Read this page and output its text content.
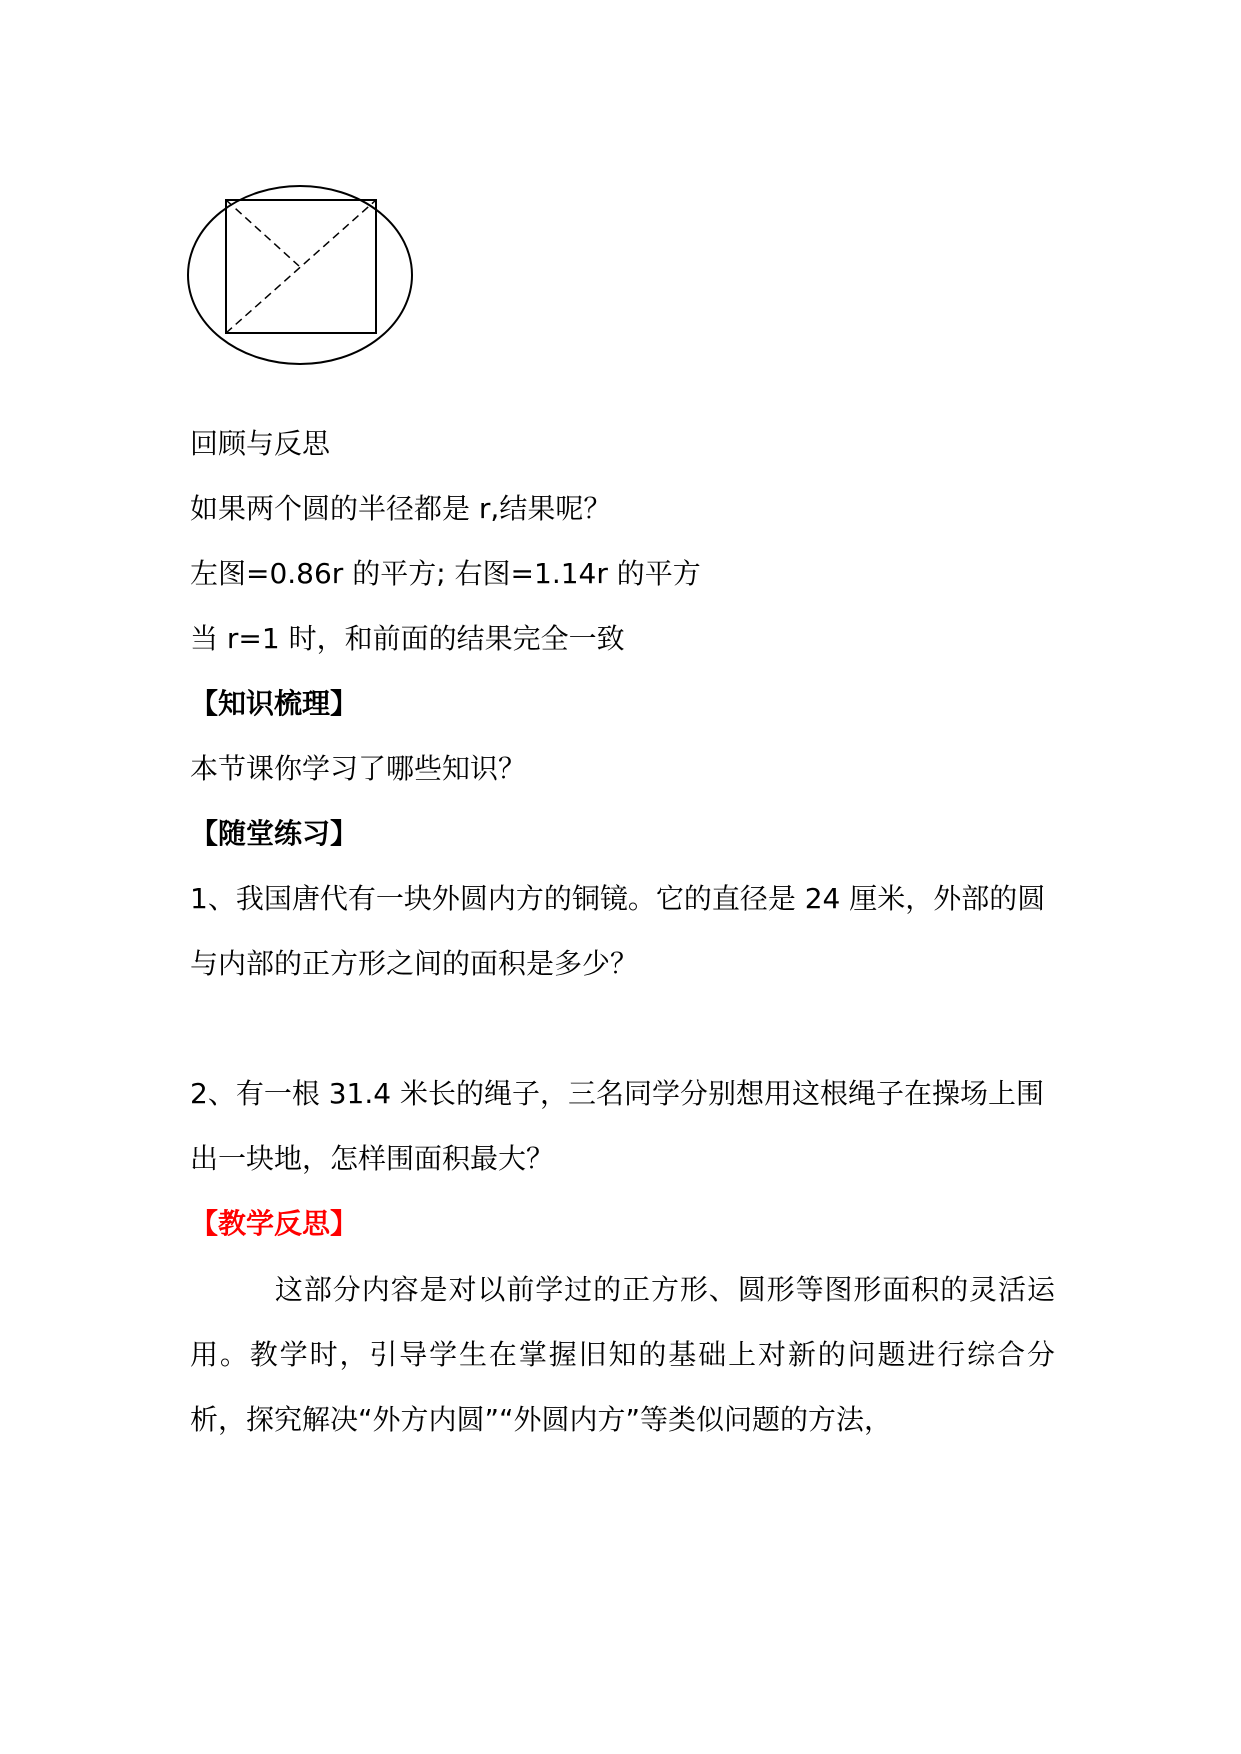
回顾与反思
如果两个圆的半径都是 r,结果呢？
左图=0.86r 的平方; 右图=1.14r 的平方
当 r=1 时，和前面的结果完全一致
【知识梳理】
本节课你学习了哪些知识？
【随堂练习】
1、我国唐代有一块外圆内方的铜镜。它的直径是 24 厘米，外部的圆
与内部的正方形之间的面积是多少？
2、有一根 31.4 米长的绳子，三名同学分别想用这根绳子在操场上围
出一块地，怎样围面积最大？
【教学反思】
这部分内容是对以前学过的正方形、圆形等图形面积的灵活运用。教学时，引导学生在掌握旧知的基础上对新的问题进行综合分析，探究解决“外方内圆”“外圆内方”等类似问题的方法，
